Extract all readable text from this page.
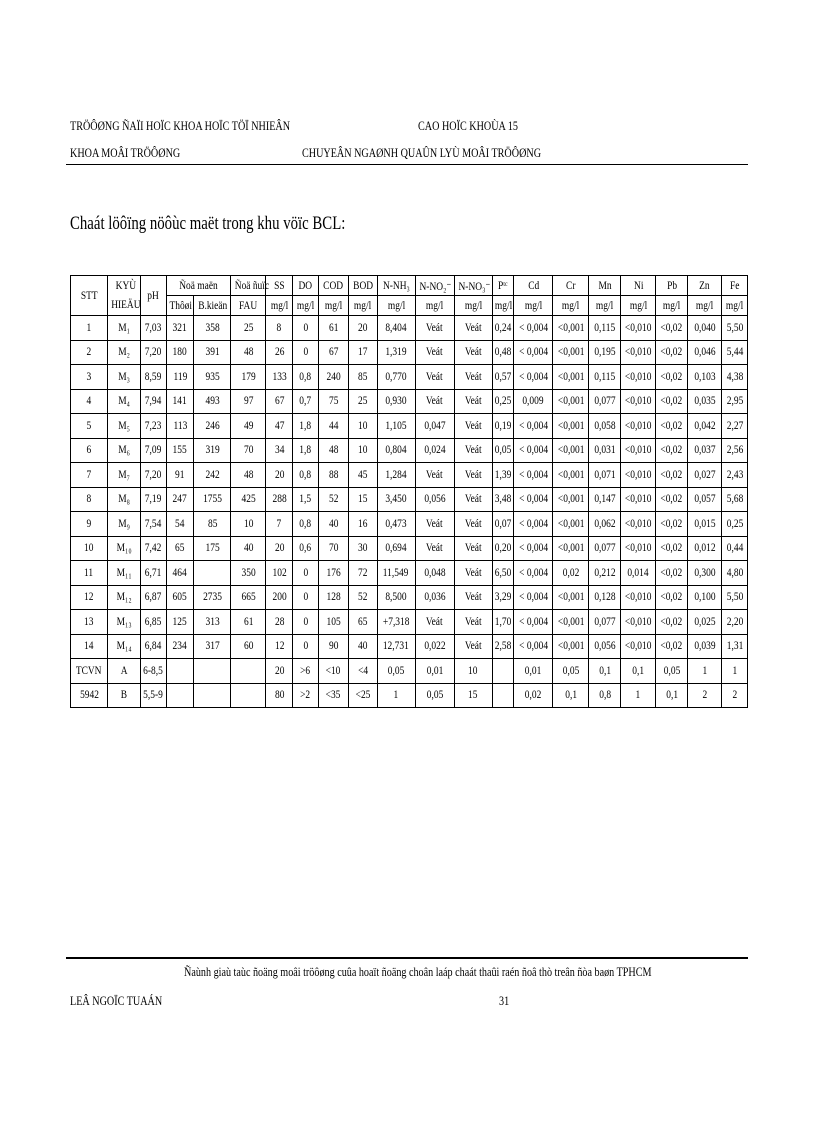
TRÖÔØNG ÑAÏI HOÏC KHOA HOÏC TÖÏ NHIEÂN	CAO HOÏC KHOÙA 15
KHOA MOÂI TRÖÔØNG	CHUYEÂN NGAØNH QUAÛN LYÙ MOÂI TRÖÔØNG
Chaát löôïng nöôùc maët trong khu vöïc BCL:
STT	KYÙ HIEÄU	pH	Ñoä maën		Ñoä ñuïc	SS	DO	COD	BOD	N-NH₃	N-NO₂⁻	N-NO₃⁻	Pᵗᶜ	Cd	Cr	Mn	Ni	Pb	Zn	Fe
			Thôøi	B.kieän	FAU	mg/l	mg/l	mg/l	mg/l	mg/l	mg/l	mg/l	mg/l	mg/l	mg/l	mg/l	mg/l	mg/l	mg/l	mg/l
1	M₁	7,03	321	358	25	8	0	61	20	8,404	Veát	Veát	0,24	< 0,004	<0,001	0,115	<0,010	<0,02	0,040	5,50
2	M₂	7,20	180	391	48	26	0	67	17	1,319	Veát	Veát	0,48	< 0,004	<0,001	0,195	<0,010	<0,02	0,046	5,44
3	M₃	8,59	119	935	179	133	0,8	240	85	0,770	Veát	Veát	0,57	< 0,004	<0,001	0,115	<0,010	<0,02	0,103	4,38
4	M₄	7,94	141	493	97	67	0,7	75	25	0,930	Veát	Veát	0,25	0,009	<0,001	0,077	<0,010	<0,02	0,035	2,95
5	M₅	7,23	113	246	49	47	1,8	44	10	1,105	0,047	Veát	0,19	< 0,004	<0,001	0,058	<0,010	<0,02	0,042	2,27
6	M₆	7,09	155	319	70	34	1,8	48	10	0,804	0,024	Veát	0,05	< 0,004	<0,001	0,031	<0,010	<0,02	0,037	2,56
7	M₇	7,20	91	242	48	20	0,8	88	45	1,284	Veát	Veát	1,39	< 0,004	<0,001	0,071	<0,010	<0,02	0,027	2,43
8	M₈	7,19	247	1755	425	288	1,5	52	15	3,450	0,056	Veát	3,48	< 0,004	<0,001	0,147	<0,010	<0,02	0,057	5,68
9	M₉	7,54	54	85	10	7	0,8	40	16	0,473	Veát	Veát	0,07	< 0,004	<0,001	0,062	<0,010	<0,02	0,015	0,25
10	M₁₀	7,42	65	175	40	20	0,6	70	30	0,694	Veát	Veát	0,20	< 0,004	<0,001	0,077	<0,010	<0,02	0,012	0,44
11	M₁₁	6,71	464		350	102	0	176	72	11,549	0,048	Veát	6,50	< 0,004	0,02	0,212	0,014	<0,02	0,300	4,80
12	M₁₂	6,87	605	2735	665	200	0	128	52	8,500	0,036	Veát	3,29	< 0,004	<0,001	0,128	<0,010	<0,02	0,100	5,50
13	M₁₃	6,85	125	313	61	28	0	105	65	+7,318	Veát	Veát	1,70	< 0,004	<0,001	0,077	<0,010	<0,02	0,025	2,20
14	M₁₄	6,84	234	317	60	12	0	90	40	12,731	0,022	Veát	2,58	< 0,004	<0,001	0,056	<0,010	<0,02	0,039	1,31
TCVN	A	6-8,5				20	>6	<10	<4	0,05	0,01	10		0,01	0,05	0,1	0,1	0,05	1	1
5942	B	5,5-9				80	>2	<35	<25	1	0,05	15		0,02	0,1	0,8	1	0,1	2	2
Ñaùnh giaù taùc ñoäng moâi tröôøng cuûa hoaït ñoäng choân laáp chaát thaûi raén ñoâ thò treân ñòa baøn TPHCM
LEÂ NGOÏC TUAÁN	31
